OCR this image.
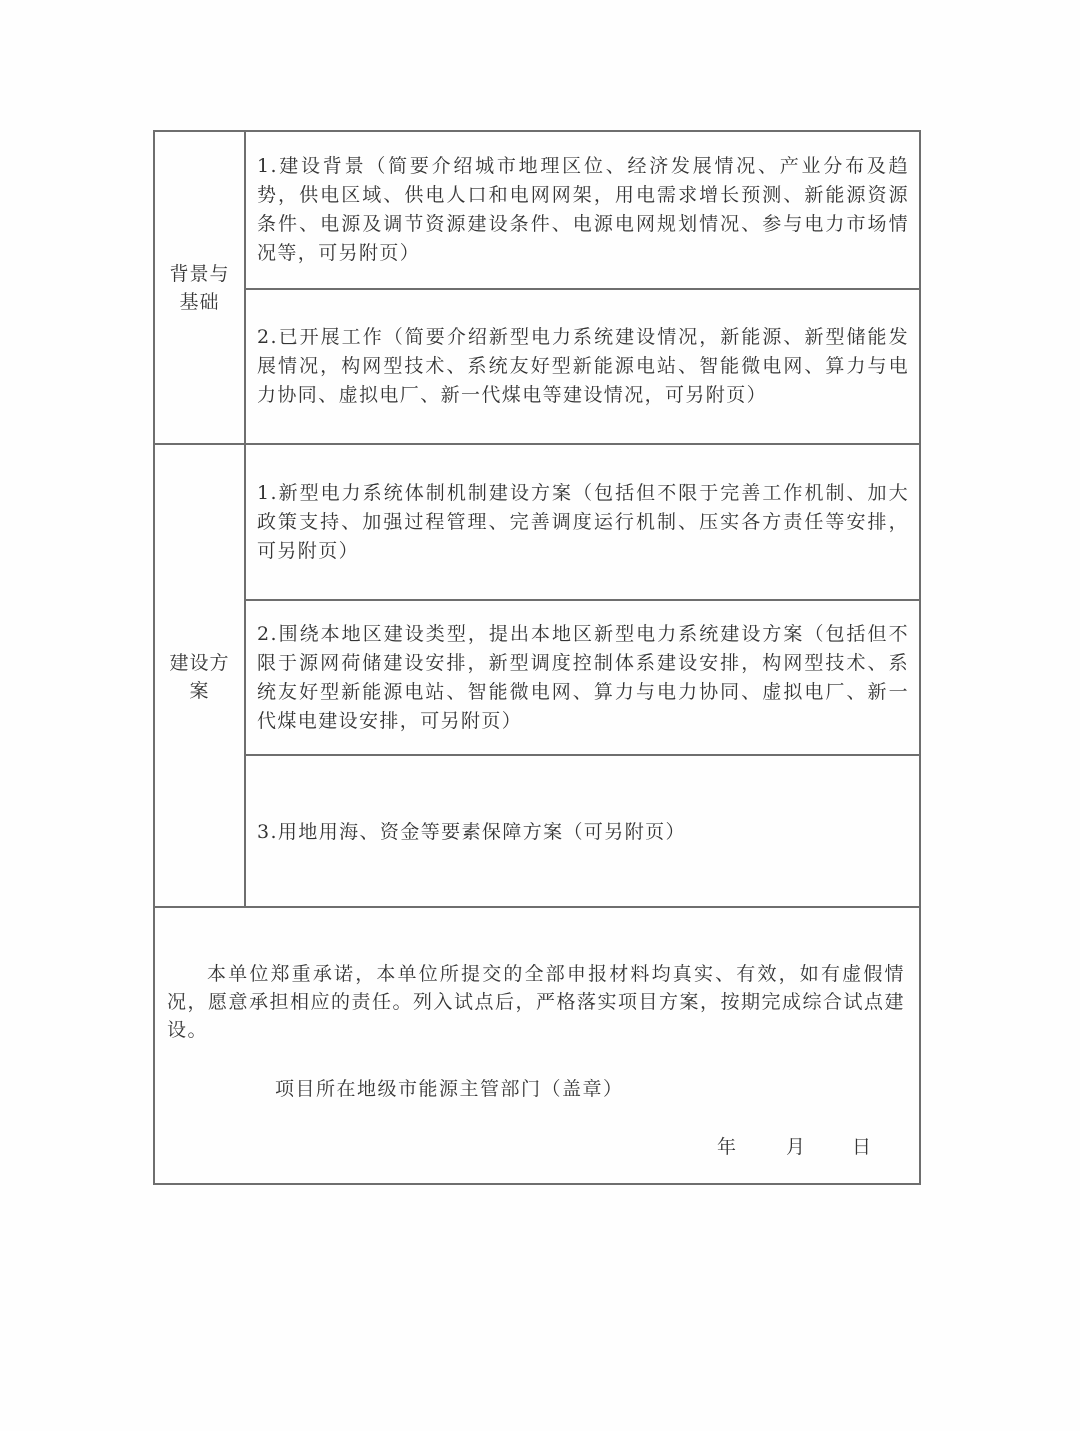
背景与基础
1.建设背景（简要介绍城市地理区位、经济发展情况、产业分布及趋势，供电区域、供电人口和电网网架，用电需求增长预测、新能源资源条件、电源及调节资源建设条件、电源电网规划情况、参与电力市场情况等，可另附页）
2.已开展工作（简要介绍新型电力系统建设情况，新能源、新型储能发展情况，构网型技术、系统友好型新能源电站、智能微电网、算力与电力协同、虚拟电厂、新一代煤电等建设情况，可另附页）
建设方案
1.新型电力系统体制机制建设方案（包括但不限于完善工作机制、加大政策支持、加强过程管理、完善调度运行机制、压实各方责任等安排，可另附页）
2.围绕本地区建设类型，提出本地区新型电力系统建设方案（包括但不限于源网荷储建设安排，新型调度控制体系建设安排，构网型技术、系统友好型新能源电站、智能微电网、算力与电力协同、虚拟电厂、新一代煤电建设安排，可另附页）
3.用地用海、资金等要素保障方案（可另附页）
本单位郑重承诺，本单位所提交的全部申报材料均真实、有效，如有虚假情况，愿意承担相应的责任。列入试点后，严格落实项目方案，按期完成综合试点建设。
项目所在地级市能源主管部门（盖章）
年	月	日
